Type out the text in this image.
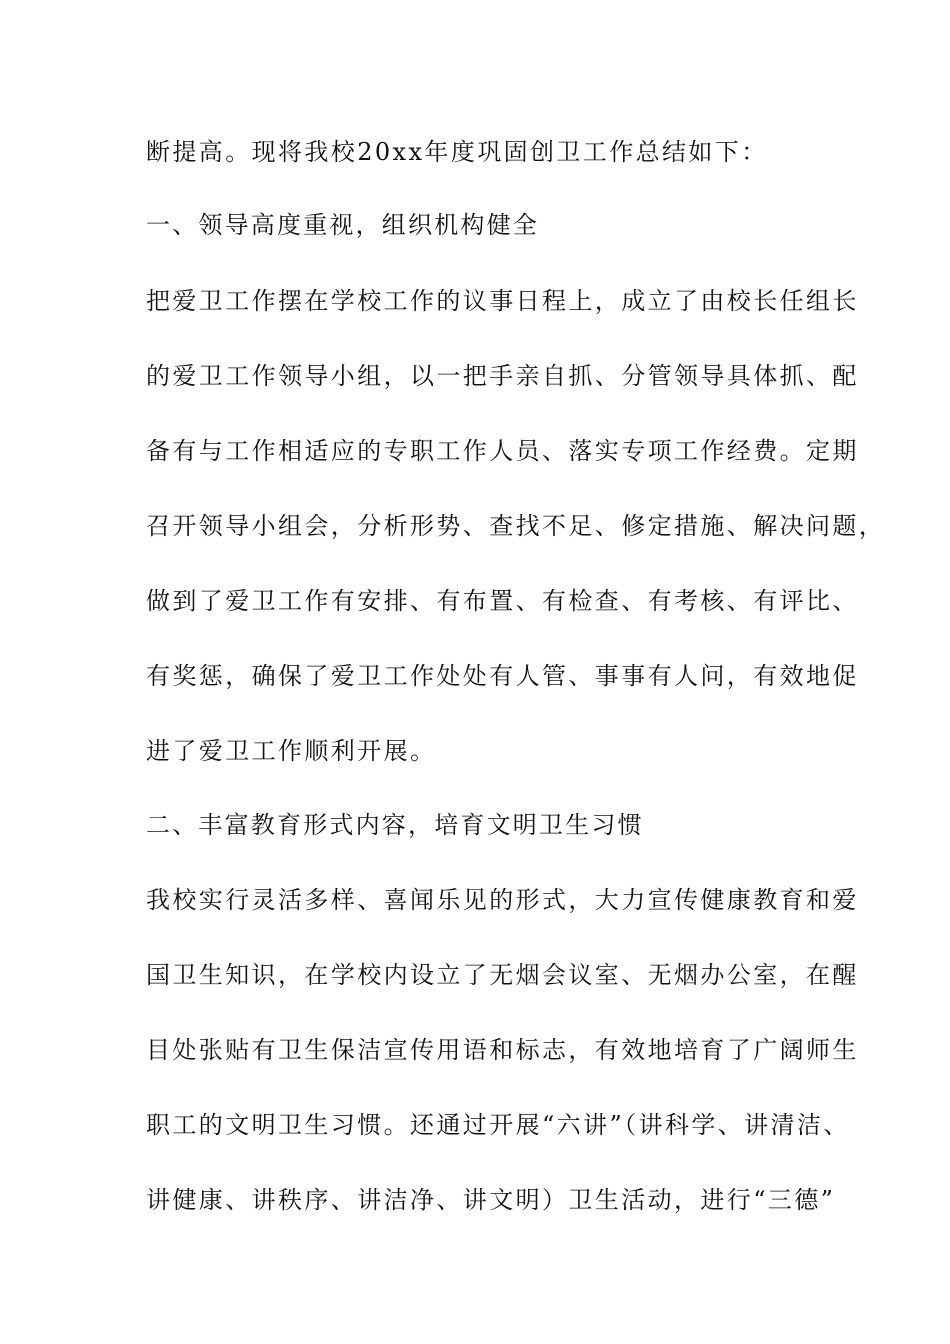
断提高。现将我校20xx年度巩固创卫工作总结如下：
一、领导高度重视，组织机构健全
把爱卫工作摆在学校工作的议事日程上，成立了由校长任组长
的爱卫工作领导小组，以一把手亲自抓、分管领导具体抓、配
备有与工作相适应的专职工作人员、落实专项工作经费。定期
召开领导小组会，分析形势、查找不足、修定措施、解决问题，
做到了爱卫工作有安排、有布置、有检查、有考核、有评比、
有奖惩，确保了爱卫工作处处有人管、事事有人问，有效地促
进了爱卫工作顺利开展。
二、丰富教育形式内容，培育文明卫生习惯
我校实行灵活多样、喜闻乐见的形式，大力宣传健康教育和爱
国卫生知识，在学校内设立了无烟会议室、无烟办公室，在醒
目处张贴有卫生保洁宣传用语和标志，有效地培育了广阔师生
职工的文明卫生习惯。还通过开展“六讲”（讲科学、讲清洁、
讲健康、讲秩序、讲洁净、讲文明）卫生活动，进行“三德”
